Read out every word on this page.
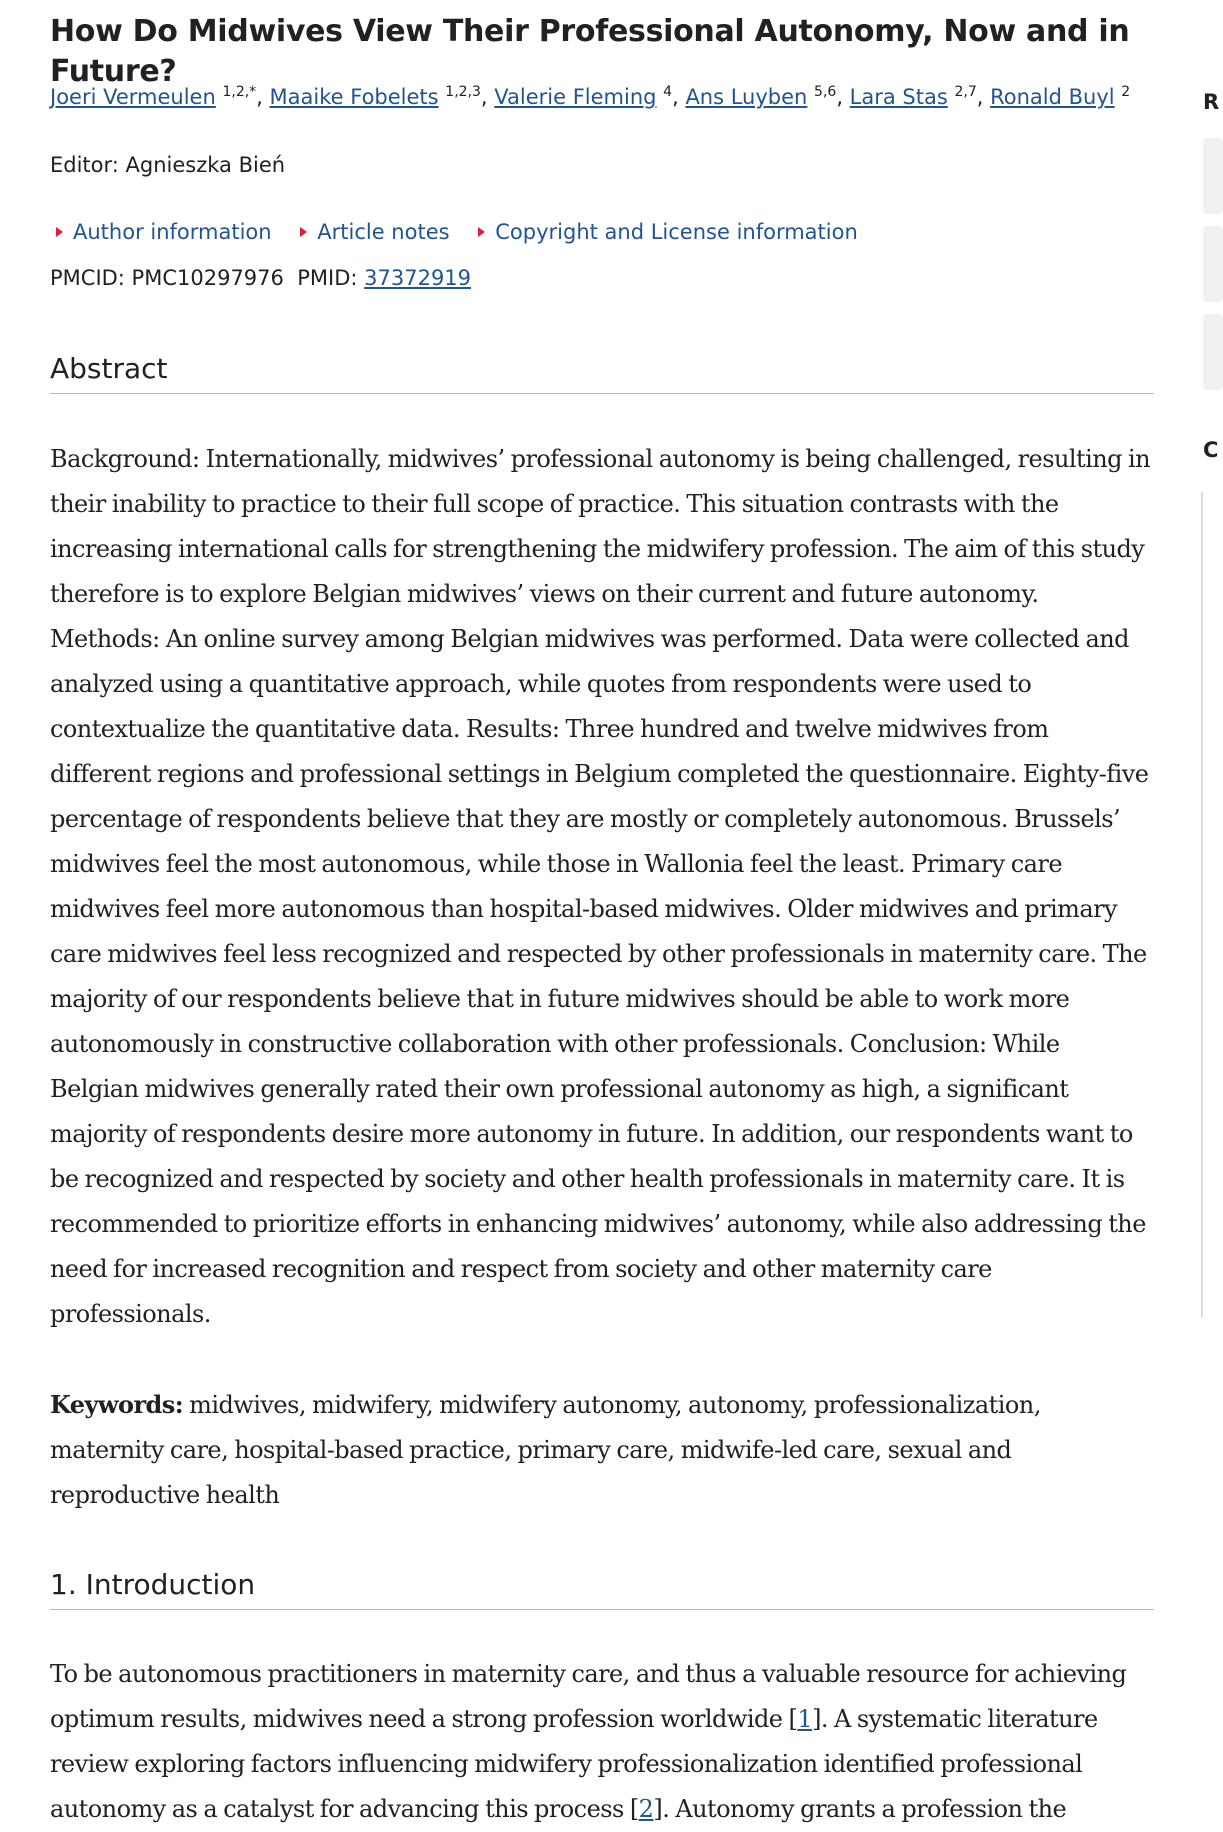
How Do Midwives View Their Professional Autonomy, Now and in Future?
Joeri Vermeulen $^{1,2,*}$, Maaike Fobelets $^{1,2,3}$, Valerie Fleming $^4$, Ans Luyben $^{5,6}$, Lara Stas $^{2,7}$, Ronald Buyl $^2$
Editor: Agnieszka Bień
Author information Article notes Copyright and License information
PMCID: PMC10297976  PMID: 37372919
Abstract

Background: Internationally, midwives’ professional autonomy is being challenged, resulting in their inability to practice to their full scope of practice. This situation contrasts with the increasing international calls for strengthening the midwifery profession. The aim of this study therefore is to explore Belgian midwives’ views on their current and future autonomy. Methods: An online survey among Belgian midwives was performed. Data were collected and analyzed using a quantitative approach, while quotes from respondents were used to contextualize the quantitative data. Results: Three hundred and twelve midwives from different regions and professional settings in Belgium completed the questionnaire. Eighty-five percentage of respondents believe that they are mostly or completely autonomous. Brussels’ midwives feel the most autonomous, while those in Wallonia feel the least. Primary care midwives feel more autonomous than hospital-based midwives. Older midwives and primary care midwives feel less recognized and respected by other professionals in maternity care. The majority of our respondents believe that in future midwives should be able to work more autonomously in constructive collaboration with other professionals. Conclusion: While Belgian midwives generally rated their own professional autonomy as high, a significant majority of respondents desire more autonomy in future. In addition, our respondents want to be recognized and respected by society and other health professionals in maternity care. It is recommended to prioritize efforts in enhancing midwives’ autonomy, while also addressing the need for increased recognition and respect from society and other maternity care professionals.

Keywords: midwives, midwifery, midwifery autonomy, autonomy, professionalization, maternity care, hospital-based practice, primary care, midwife-led care, sexual and reproductive health

1. Introduction

To be autonomous practitioners in maternity care, and thus a valuable resource for achieving optimum results, midwives need a strong profession worldwide [1]. A systematic literature review exploring factors influencing midwifery professionalization identified professional autonomy as a catalyst for advancing this process [2]. Autonomy grants a profession the

R
C
